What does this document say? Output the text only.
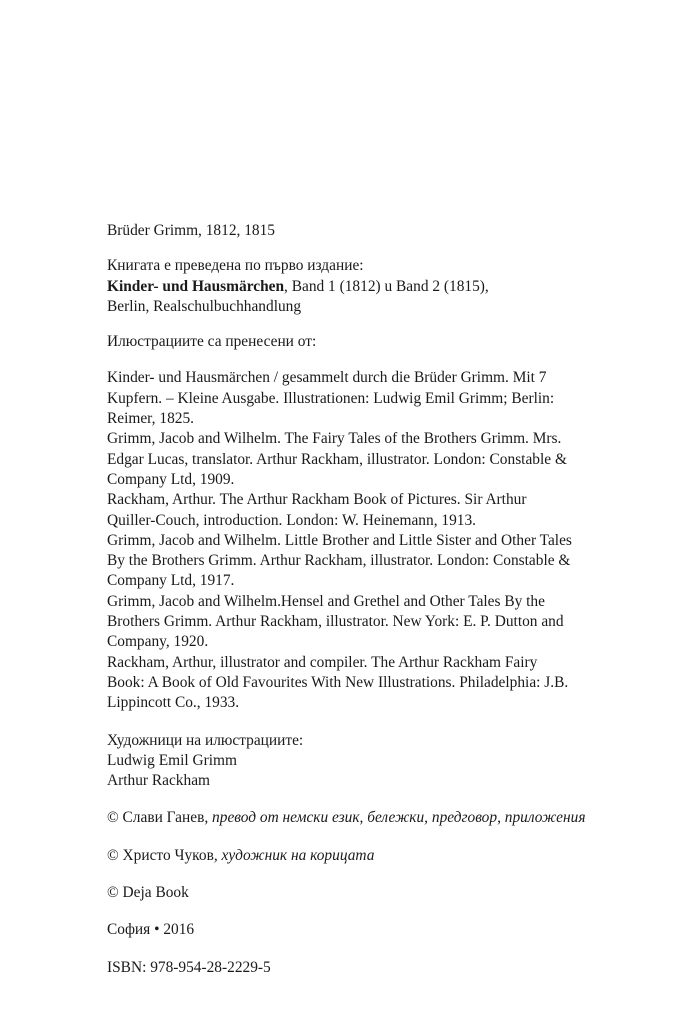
Brüder Grimm, 1812, 1815

Книгата е преведена по първо издание:
Kinder- und Hausmärchen, Band 1 (1812) u Band 2 (1815),
Berlin, Realschulbuchhandlung

Илюстрациите са пренесени от:

Kinder- und Hausmärchen / gesammelt durch die Brüder Grimm. Mit 7
Kupfern. – Kleine Ausgabe. Illustrationen: Ludwig Emil Grimm; Berlin:
Reimer, 1825.
Grimm, Jacob and Wilhelm. The Fairy Tales of the Brothers Grimm. Mrs.
Edgar Lucas, translator. Arthur Rackham, illustrator. London: Constable &
Company Ltd, 1909.
Rackham, Arthur. The Arthur Rackham Book of Pictures. Sir Arthur
Quiller-Couch, introduction. London: W. Heinemann, 1913.
Grimm, Jacob and Wilhelm. Little Brother and Little Sister and Other Tales
By the Brothers Grimm. Arthur Rackham, illustrator. London: Constable &
Company Ltd, 1917.
Grimm, Jacob and Wilhelm.Hensel and Grethel and Other Tales By the
Brothers Grimm. Arthur Rackham, illustrator. New York: E. P. Dutton and
Company, 1920.
Rackham, Arthur, illustrator and compiler. The Arthur Rackham Fairy
Book: A Book of Old Favourites With New Illustrations. Philadelphia: J.B.
Lippincott Co., 1933.
Художници на илюстрациите:
Ludwig Emil Grimm
Arthur Rackham

© Слави Ганев, превод от немски език, бележки, предговор, приложения

© Христо Чуков, художник на корицата

© Deja Book

София • 2016

ISBN: 978-954-28-2229-5
